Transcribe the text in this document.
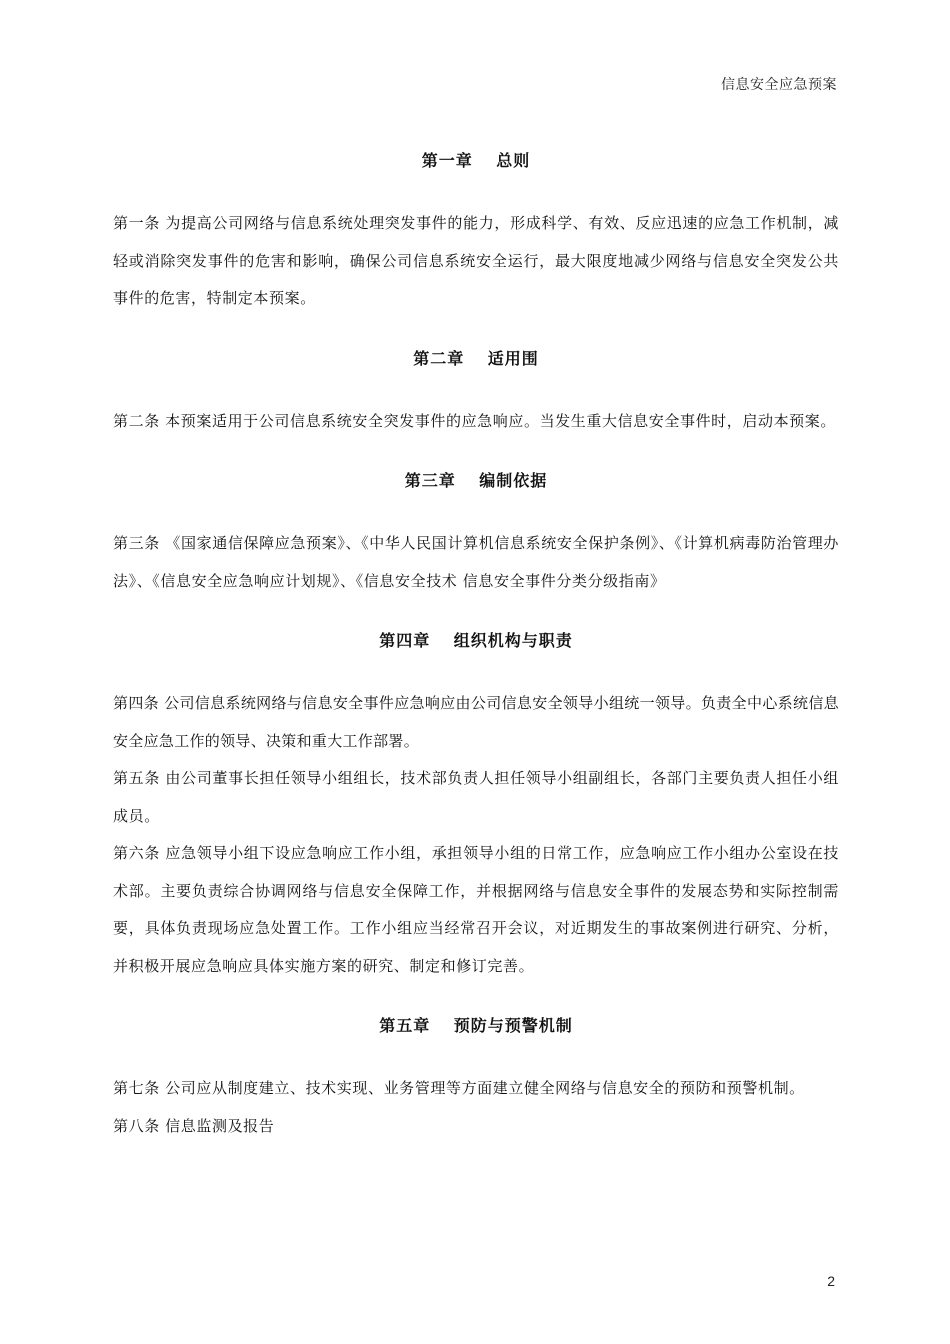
信息安全应急预案
第一章　 总则

第一条 为提高公司网络与信息系统处理突发事件的能力，形成科学、有效、反应迅速的应急工作机制，减轻或消除突发事件的危害和影响，确保公司信息系统安全运行，最大限度地减少网络与信息安全突发公共事件的危害，特制定本预案。

第二章　 适用围

第二条 本预案适用于公司信息系统安全突发事件的应急响应。当发生重大信息安全事件时，启动本预案。

第三章　 编制依据

第三条 《国家通信保障应急预案》、《中华人民国计算机信息系统安全保护条例》、《计算机病毒防治管理办法》、《信息安全应急响应计划规》、《信息安全技术 信息安全事件分类分级指南》

第四章　 组织机构与职责

第四条 公司信息系统网络与信息安全事件应急响应由公司信息安全领导小组统一领导。负责全中心系统信息安全应急工作的领导、决策和重大工作部署。

第五条 由公司董事长担任领导小组组长，技术部负责人担任领导小组副组长，各部门主要负责人担任小组成员。

第六条 应急领导小组下设应急响应工作小组，承担领导小组的日常工作，应急响应工作小组办公室设在技术部。主要负责综合协调网络与信息安全保障工作，并根据网络与信息安全事件的发展态势和实际控制需要，具体负责现场应急处置工作。工作小组应当经常召开会议，对近期发生的事故案例进行研究、分析，并积极开展应急响应具体实施方案的研究、制定和修订完善。

第五章　 预防与预警机制

第七条 公司应从制度建立、技术实现、业务管理等方面建立健全网络与信息安全的预防和预警机制。

第八条 信息监测及报告

2
